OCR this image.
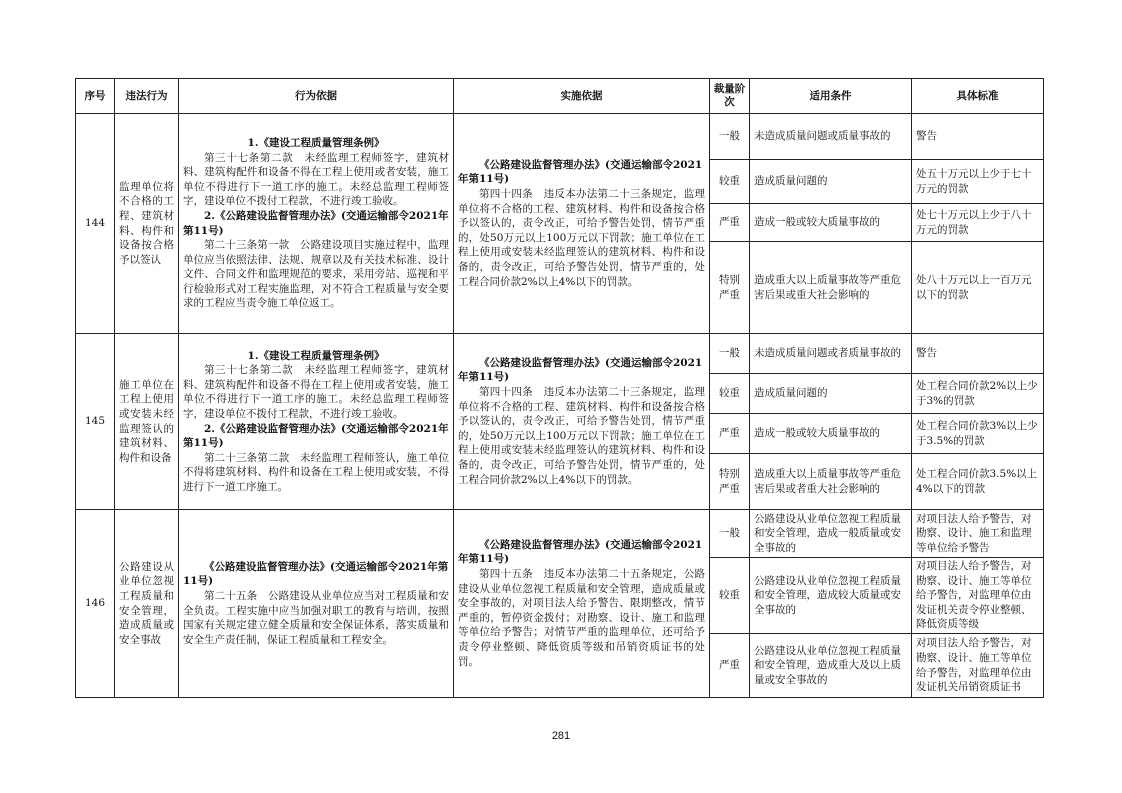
序号	违法行为	行为依据	实施依据	裁量阶次	适用条件	具体标准
144	监理单位将不合格的工程、建筑材料、构件和设备按合格予以签认	1.《建设工程质量管理条例》
第三十七条第二款　未经监理工程师签字，建筑材料、建筑构配件和设备不得在工程上使用或者安装，施工单位不得进行下一道工序的施工。未经总监理工程师签字，建设单位不拨付工程款，不进行竣工验收。
2.《公路建设监督管理办法》(交通运输部令2021年第11号)
第二十三条第一款　公路建设项目实施过程中，监理单位应当依照法律、法规、规章以及有关技术标准、设计文件、合同文件和监理规范的要求，采用旁站、巡视和平行检验形式对工程实施监理，对不符合工程质量与安全要求的工程应当责令施工单位返工。	《公路建设监督管理办法》(交通运输部令2021年第11号)
第四十四条　违反本办法第二十三条规定，监理单位将不合格的工程、建筑材料、构件和设备按合格予以签认的，责令改正，可给予警告处罚，情节严重的，处50万元以上100万元以下罚款；施工单位在工程上使用或安装未经监理签认的建筑材料、构件和设备的，责令改正，可给予警告处罚，情节严重的，处工程合同价款2%以上4%以下的罚款。	一般	未造成质量问题或质量事故的	警告
				较重	造成质量问题的	处五十万元以上少于七十万元的罚款
				严重	造成一般或较大质量事故的	处七十万元以上少于八十万元的罚款
				特别严重	造成重大以上质量事故等严重危害后果或重大社会影响的	处八十万元以上一百万元以下的罚款
145	施工单位在工程上使用或安装未经监理签认的建筑材料、构件和设备	1.《建设工程质量管理条例》
第三十七条第二款　未经监理工程师签字，建筑材料、建筑构配件和设备不得在工程上使用或者安装，施工单位不得进行下一道工序的施工。未经总监理工程师签字，建设单位不拨付工程款，不进行竣工验收。
2.《公路建设监督管理办法》(交通运输部令2021年第11号)
第二十三条第二款　未经监理工程师签认，施工单位不得将建筑材料、构件和设备在工程上使用或安装，不得进行下一道工序施工。	《公路建设监督管理办法》(交通运输部令2021年第11号)
第四十四条　违反本办法第二十三条规定，监理单位将不合格的工程、建筑材料、构件和设备按合格予以签认的，责令改正，可给予警告处罚，情节严重的，处50万元以上100万元以下罚款；施工单位在工程上使用或安装未经监理签认的建筑材料、构件和设备的，责令改正，可给予警告处罚，情节严重的，处工程合同价款2%以上4%以下的罚款。	一般	未造成质量问题或者质量事故的	警告
				较重	造成质量问题的	处工程合同价款2%以上少于3%的罚款
				严重	造成一般或较大质量事故的	处工程合同价款3%以上少于3.5%的罚款
				特别严重	造成重大以上质量事故等严重危害后果或者重大社会影响的	处工程合同价款3.5%以上4%以下的罚款
146	公路建设从业单位忽视工程质量和安全管理，造成质量或安全事故	《公路建设监督管理办法》(交通运输部令2021年第11号)
第二十五条　公路建设从业单位应当对工程质量和安全负责。工程实施中应当加强对职工的教育与培训，按照国家有关规定建立健全质量和安全保证体系，落实质量和安全生产责任制，保证工程质量和工程安全。	《公路建设监督管理办法》(交通运输部令2021年第11号)
第四十五条　违反本办法第二十五条规定，公路建设从业单位忽视工程质量和安全管理，造成质量或安全事故的，对项目法人给予警告、限期整改，情节严重的，暂停资金拨付；对勘察、设计、施工和监理等单位给予警告；对情节严重的监理单位，还可给予责令停业整顿、降低资质等级和吊销资质证书的处罚。	一般	公路建设从业单位忽视工程质量和安全管理，造成一般质量或安全事故的	对项目法人给予警告，对勘察、设计、施工和监理等单位给予警告
				较重	公路建设从业单位忽视工程质量和安全管理，造成较大质量或安全事故的	对项目法人给予警告，对勘察、设计、施工等单位给予警告，对监理单位由发证机关责令停业整顿、降低资质等级
				严重	公路建设从业单位忽视工程质量和安全管理，造成重大及以上质量或安全事故的	对项目法人给予警告，对勘察、设计、施工等单位给予警告，对监理单位由发证机关吊销资质证书
281
